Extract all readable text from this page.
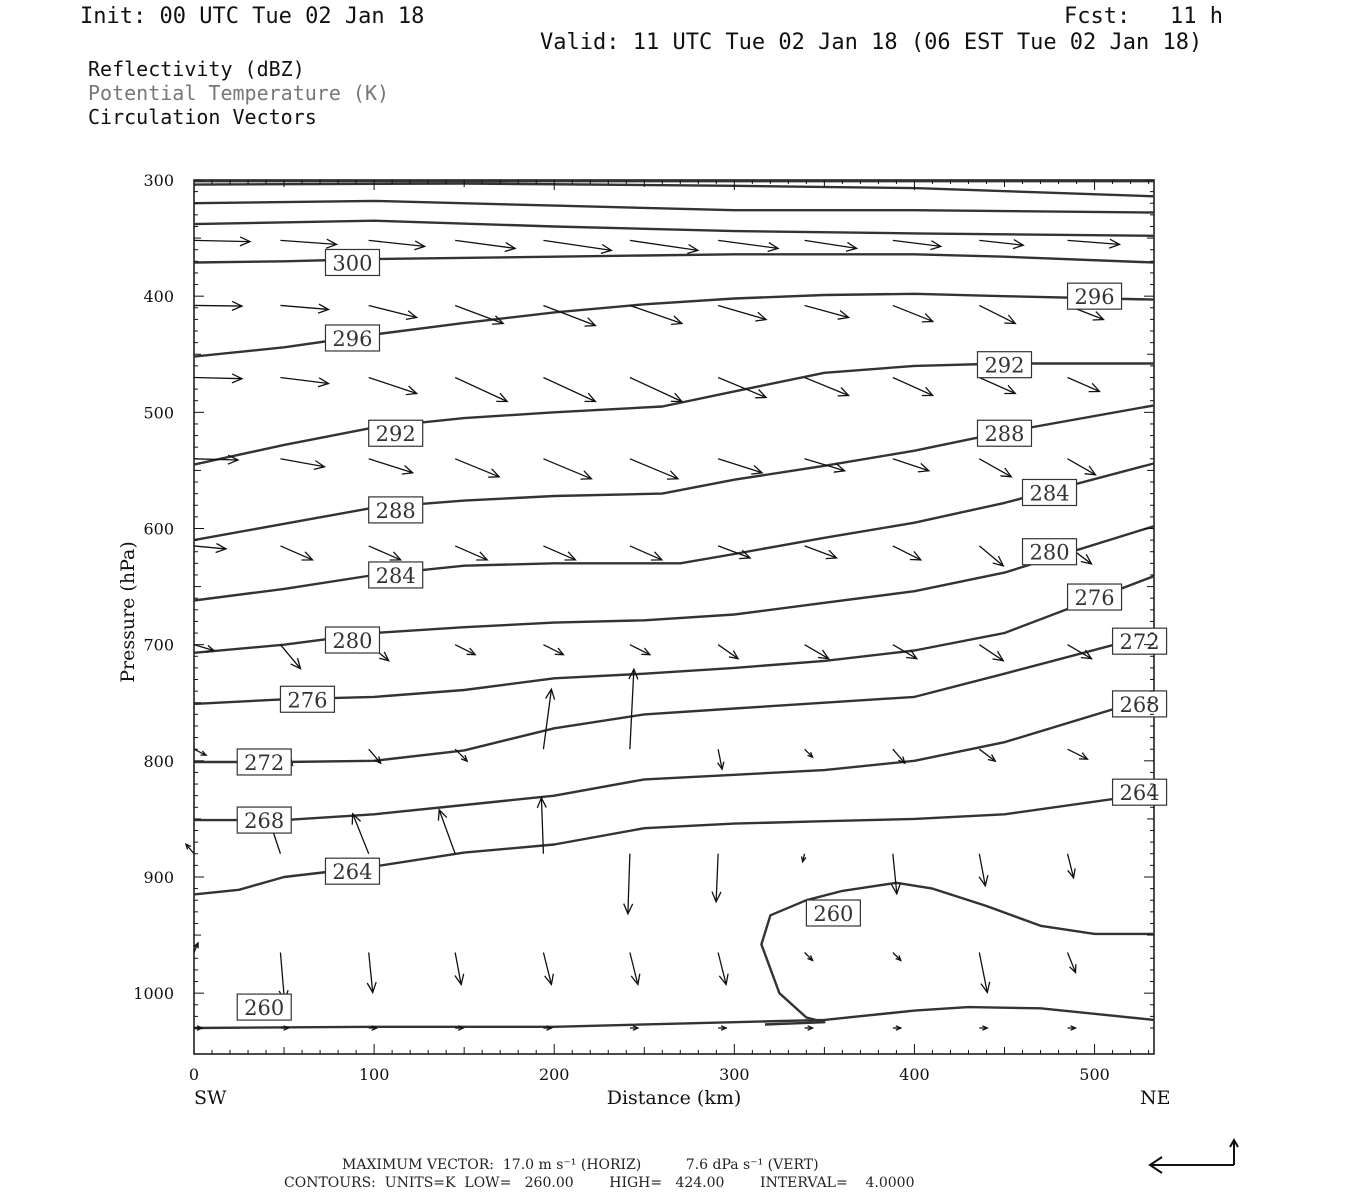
Init: 00 UTC Tue 02 Jan 18	Fcst:   11 h
Valid: 11 UTC Tue 02 Jan 18 (06 EST Tue 02 Jan 18)
Reflectivity (dBZ)
Potential Temperature (K)
Circulation Vectors
300
296
296
292
292
288
288
284
284
280
280
276
276
272
272
268
268
264
264
260
260
0	100	200	300	400	500
300
400
500
600
700
800
900
1000
Distance (km)
Pressure (hPa)
SW	NE
MAXIMUM VECTOR:  17.0 m s⁻¹ (HORIZ)          7.6 dPa s⁻¹ (VERT)
CONTOURS:  UNITS=K  LOW=   260.00        HIGH=   424.00        INTERVAL=    4.0000
